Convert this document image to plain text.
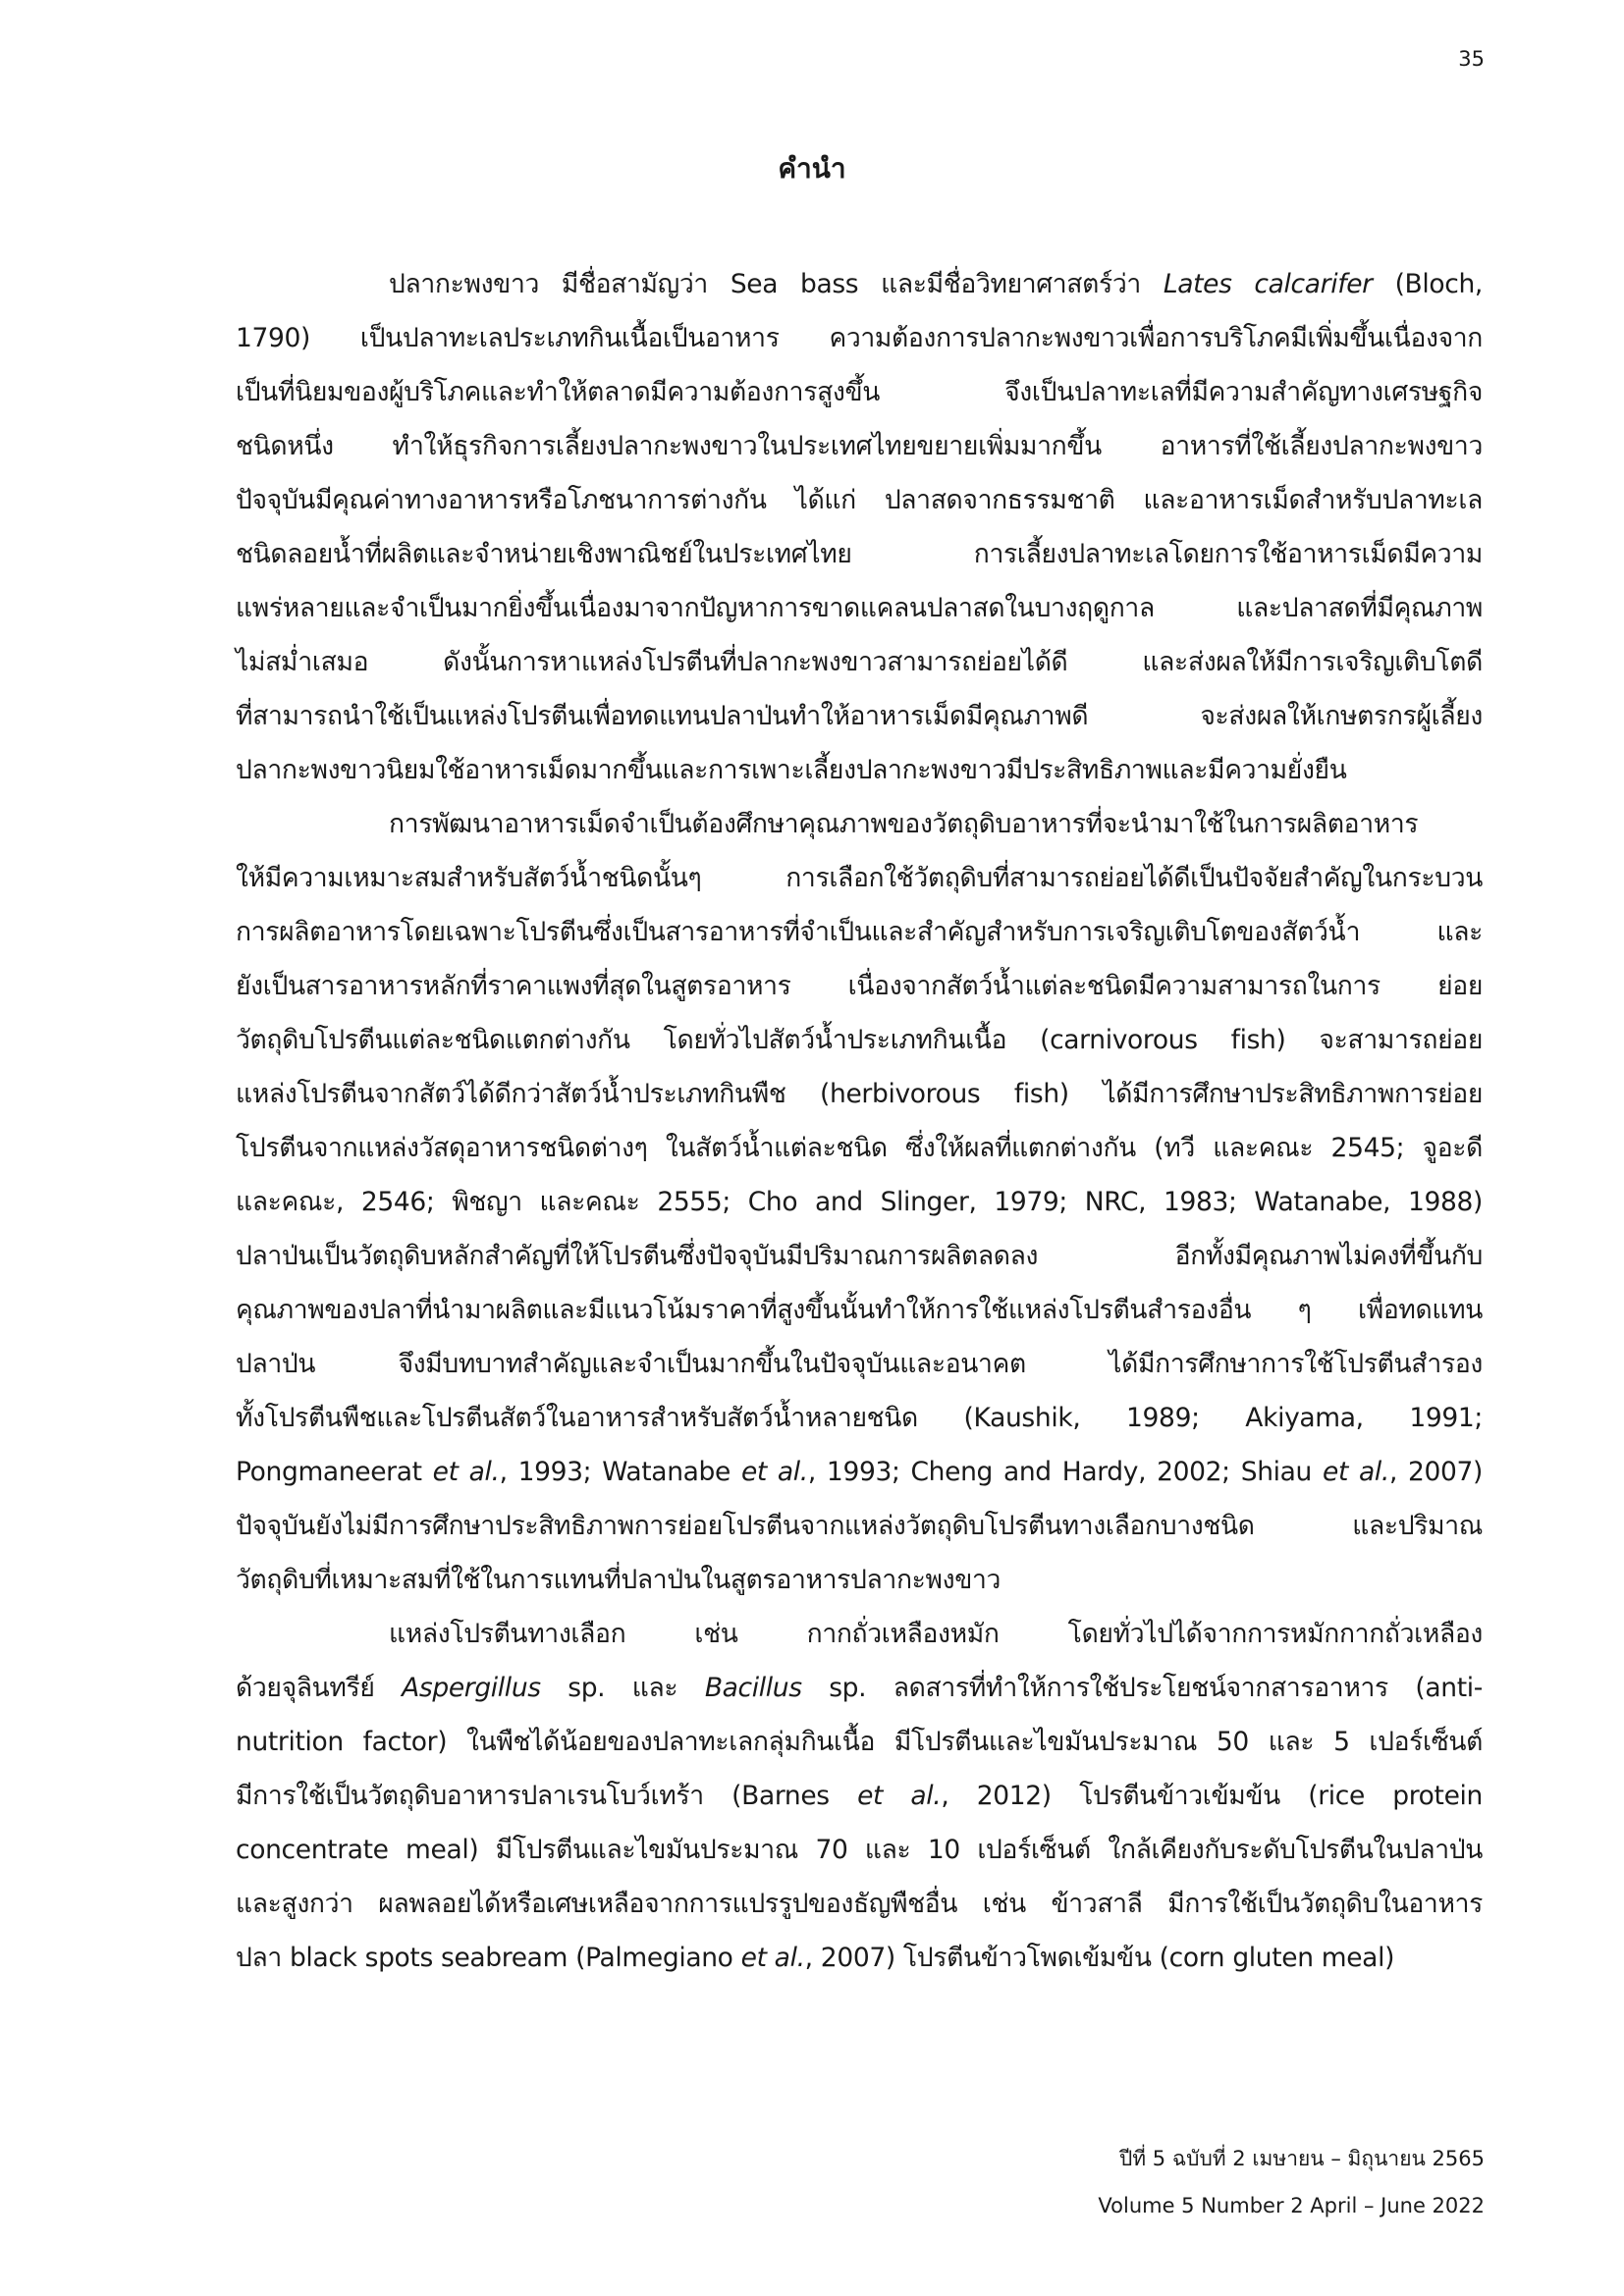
35
คำนำ
ปลากะพงขาว มีชื่อสามัญว่า Sea bass และมีชื่อวิทยาศาสตร์ว่า Lates calcarifer (Bloch,
1790) เป็นปลาทะเลประเภทกินเนื้อเป็นอาหาร ความต้องการปลากะพงขาวเพื่อการบริโภคมีเพิ่มขึ้นเนื่องจาก
เป็นที่นิยมของผู้บริโภคและทำให้ตลาดมีความต้องการสูงขึ้น จึงเป็นปลาทะเลที่มีความสำคัญทางเศรษฐกิจ
ชนิดหนึ่ง ทำให้ธุรกิจการเลี้ยงปลากะพงขาวในประเทศไทยขยายเพิ่มมากขึ้น อาหารที่ใช้เลี้ยงปลากะพงขาว
ปัจจุบันมีคุณค่าทางอาหารหรือโภชนาการต่างกัน ได้แก่ ปลาสดจากธรรมชาติ และอาหารเม็ดสำหรับปลาทะเล
ชนิดลอยน้ำที่ผลิตและจำหน่ายเชิงพาณิชย์ในประเทศไทย การเลี้ยงปลาทะเลโดยการใช้อาหารเม็ดมีความ
แพร่หลายและจำเป็นมากยิ่งขึ้นเนื่องมาจากปัญหาการขาดแคลนปลาสดในบางฤดูกาล และปลาสดที่มีคุณภาพ
ไม่สม่ำเสมอ ดังนั้นการหาแหล่งโปรตีนที่ปลากะพงขาวสามารถย่อยได้ดี และส่งผลให้มีการเจริญเติบโตดี
ที่สามารถนำใช้เป็นแหล่งโปรตีนเพื่อทดแทนปลาป่นทำให้อาหารเม็ดมีคุณภาพดี จะส่งผลให้เกษตรกรผู้เลี้ยง
ปลากะพงขาวนิยมใช้อาหารเม็ดมากขึ้นและการเพาะเลี้ยงปลากะพงขาวมีประสิทธิภาพและมีความยั่งยืน
การพัฒนาอาหารเม็ดจำเป็นต้องศึกษาคุณภาพของวัตถุดิบอาหารที่จะนำมาใช้ในการผลิตอาหาร
ให้มีความเหมาะสมสำหรับสัตว์น้ำชนิดนั้นๆ การเลือกใช้วัตถุดิบที่สามารถย่อยได้ดีเป็นปัจจัยสำคัญในกระบวน
การผลิตอาหารโดยเฉพาะโปรตีนซึ่งเป็นสารอาหารที่จำเป็นและสำคัญสำหรับการเจริญเติบโตของสัตว์น้ำ และ
ยังเป็นสารอาหารหลักที่ราคาแพงที่สุดในสูตรอาหาร เนื่องจากสัตว์น้ำแต่ละชนิดมีความสามารถในการ ย่อย
วัตถุดิบโปรตีนแต่ละชนิดแตกต่างกัน โดยทั่วไปสัตว์น้ำประเภทกินเนื้อ (carnivorous fish) จะสามารถย่อย
แหล่งโปรตีนจากสัตว์ได้ดีกว่าสัตว์น้ำประเภทกินพืช (herbivorous fish) ได้มีการศึกษาประสิทธิภาพการย่อย
โปรตีนจากแหล่งวัสดุอาหารชนิดต่างๆ ในสัตว์น้ำแต่ละชนิด ซึ่งให้ผลที่แตกต่างกัน (ทวี และคณะ 2545; จูอะดี
และคณะ, 2546; พิชญา และคณะ 2555; Cho and Slinger, 1979; NRC, 1983; Watanabe, 1988)
ปลาป่นเป็นวัตถุดิบหลักสำคัญที่ให้โปรตีนซึ่งปัจจุบันมีปริมาณการผลิตลดลง อีกทั้งมีคุณภาพไม่คงที่ขึ้นกับ
คุณภาพของปลาที่นำมาผลิตและมีแนวโน้มราคาที่สูงขึ้นนั้นทำให้การใช้แหล่งโปรตีนสำรองอื่น ๆ เพื่อทดแทน
ปลาป่น จึงมีบทบาทสำคัญและจำเป็นมากขึ้นในปัจจุบันและอนาคต ได้มีการศึกษาการใช้โปรตีนสำรอง
ทั้งโปรตีนพืชและโปรตีนสัตว์ในอาหารสำหรับสัตว์น้ำหลายชนิด (Kaushik, 1989; Akiyama, 1991;
Pongmaneerat et al., 1993; Watanabe et al., 1993; Cheng and Hardy, 2002; Shiau et al., 2007)
ปัจจุบันยังไม่มีการศึกษาประสิทธิภาพการย่อยโปรตีนจากแหล่งวัตถุดิบโปรตีนทางเลือกบางชนิด และปริมาณ
วัตถุดิบที่เหมาะสมที่ใช้ในการแทนที่ปลาป่นในสูตรอาหารปลากะพงขาว
แหล่งโปรตีนทางเลือก เช่น กากถั่วเหลืองหมัก โดยทั่วไปได้จากการหมักกากถั่วเหลือง
ด้วยจุลินทรีย์ Aspergillus sp. และ Bacillus sp. ลดสารที่ทำให้การใช้ประโยชน์จากสารอาหาร (anti-
nutrition factor) ในพืชได้น้อยของปลาทะเลกลุ่มกินเนื้อ มีโปรตีนและไขมันประมาณ 50 และ 5 เปอร์เซ็นต์
มีการใช้เป็นวัตถุดิบอาหารปลาเรนโบว์เทร้า (Barnes et al., 2012) โปรตีนข้าวเข้มข้น (rice protein
concentrate meal) มีโปรตีนและไขมันประมาณ 70 และ 10 เปอร์เซ็นต์ ใกล้เคียงกับระดับโปรตีนในปลาป่น
และสูงกว่า ผลพลอยได้หรือเศษเหลือจากการแปรรูปของธัญพืชอื่น เช่น ข้าวสาลี มีการใช้เป็นวัตถุดิบในอาหาร
ปลา black spots seabream (Palmegiano et al., 2007) โปรตีนข้าวโพดเข้มข้น (corn gluten meal)
ปีที่ 5 ฉบับที่ 2 เมษายน – มิถุนายน 2565
Volume 5 Number 2 April – June 2022
